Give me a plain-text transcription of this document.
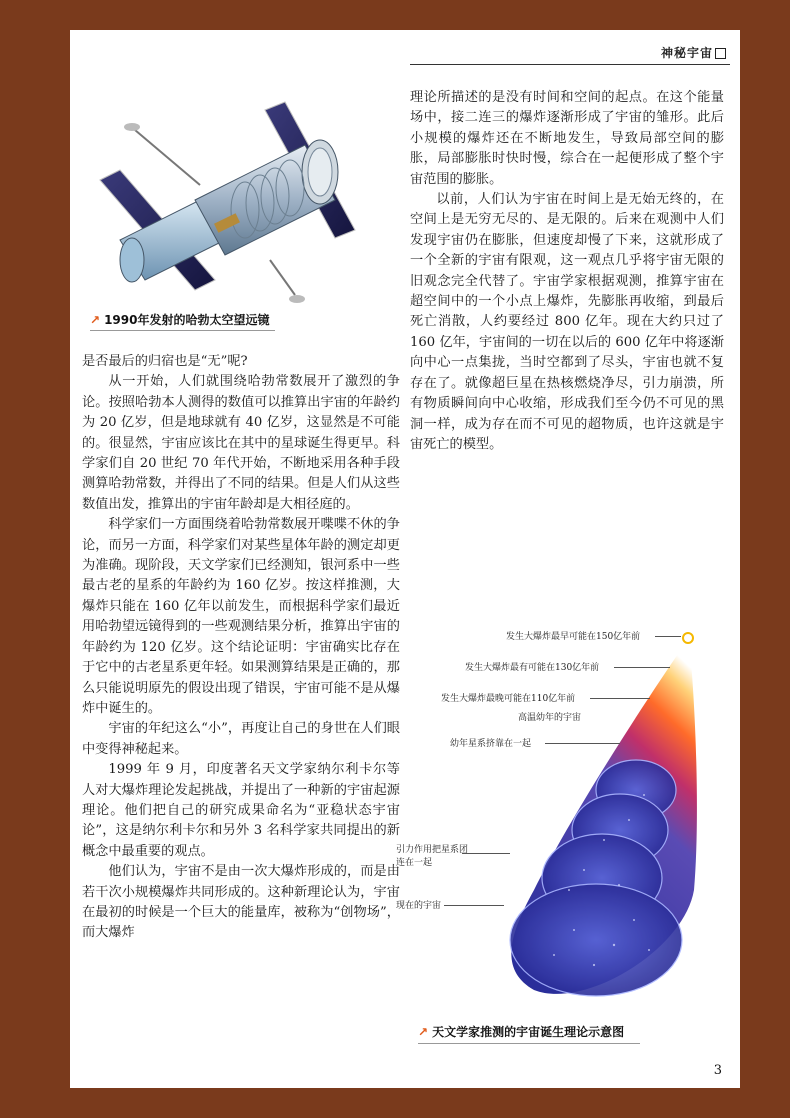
神秘宇宙
↗ 1990年发射的哈勃太空望远镜

是否最后的归宿也是“无”呢?

从一开始，人们就围绕哈勃常数展开了激烈的争论。按照哈勃本人测得的数值可以推算出宇宙的年龄约为 20 亿岁，但是地球就有 40 亿岁，这显然是不可能的。很显然，宇宙应该比在其中的星球诞生得更早。科学家们自 20 世纪 70 年代开始，不断地采用各种手段测算哈勃常数，并得出了不同的结果。但是人们从这些数值出发，推算出的宇宙年龄却是大相径庭的。

科学家们一方面围绕着哈勃常数展开喋喋不休的争论，而另一方面，科学家们对某些星体年龄的测定却更为准确。现阶段，天文学家们已经测知，银河系中一些最古老的星系的年龄约为 160 亿岁。按这样推测，大爆炸只能在 160 亿年以前发生，而根据科学家们最近用哈勃望远镜得到的一些观测结果分析，推算出宇宙的年龄约为 120 亿岁。这个结论证明：宇宙确实比存在于它中的古老星系更年轻。如果测算结果是正确的，那么只能说明原先的假设出现了错误，宇宙可能不是从爆炸中诞生的。

宇宙的年纪这么“小”，再度让自己的身世在人们眼中变得神秘起来。

1999 年 9 月，印度著名天文学家纳尔利卡尔等人对大爆炸理论发起挑战，并提出了一种新的宇宙起源理论。他们把自己的研究成果命名为“亚稳状态宇宙论”，这是纳尔利卡尔和另外 3 名科学家共同提出的新概念中最重要的观点。

他们认为，宇宙不是由一次大爆炸形成的，而是由若干次小规模爆炸共同形成的。这种新理论认为，宇宙在最初的时候是一个巨大的能量库，被称为“创物场”，而大爆炸

理论所描述的是没有时间和空间的起点。在这个能量场中，接二连三的爆炸逐渐形成了宇宙的雏形。此后小规模的爆炸还在不断地发生，导致局部空间的膨胀，局部膨胀时快时慢，综合在一起便形成了整个宇宙范围的膨胀。

以前，人们认为宇宙在时间上是无始无终的，在空间上是无穷无尽的、是无限的。后来在观测中人们发现宇宙仍在膨胀，但速度却慢了下来，这就形成了一个全新的宇宙有限观，这一观点几乎将宇宙无限的旧观念完全代替了。宇宙学家根据观测，推算宇宙在超空间中的一个小点上爆炸，先膨胀再收缩，到最后死亡消散，人约要经过 800 亿年。现在大约只过了 160 亿年，宇宙间的一切在以后的 600 亿年中将逐渐向中心一点集拢，当时空都到了尽头，宇宙也就不复存在了。就像超巨星在热核燃烧净尽，引力崩溃，所有物质瞬间向中心收缩，形成我们至今仍不可见的黑洞一样，成为存在而不可见的超物质，也许这就是宇宙死亡的模型。

发生大爆炸最早可能在150亿年前
发生大爆炸最有可能在130亿年前
发生大爆炸最晚可能在110亿年前
高温幼年的宇宙
幼年星系挤靠在一起
引力作用把星系团连在一起
现在的宇宙
↗ 天文学家推测的宇宙诞生理论示意图
3
